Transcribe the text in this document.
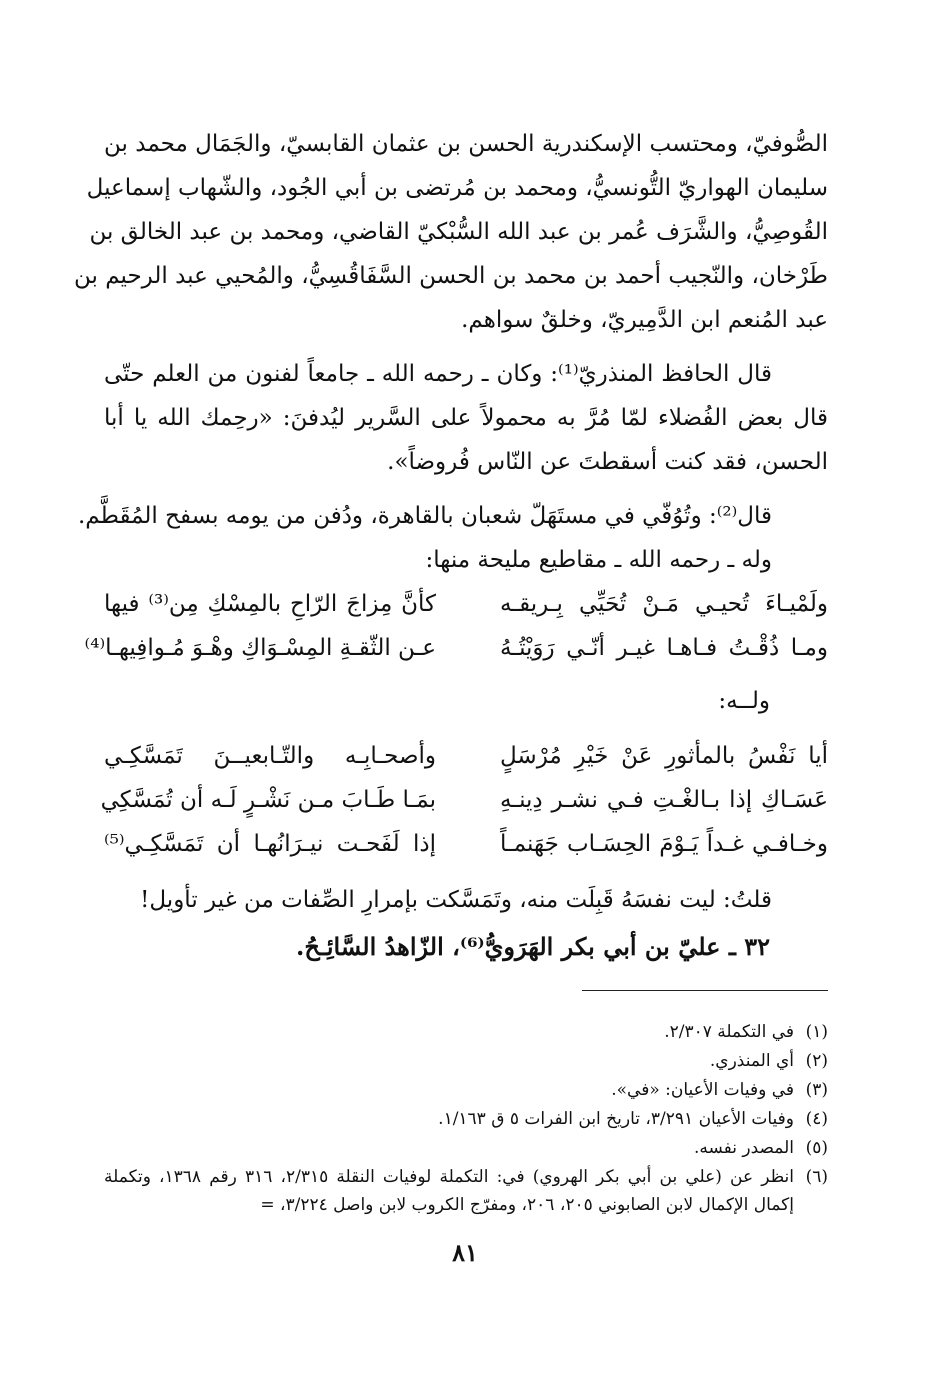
الصُّوفيّ، ومحتسب الإسكندرية الحسن بن عثمان القابسيّ، والجَمَال محمد بن
سليمان الهواريّ التُّونسيُّ، ومحمد بن مُرتضى بن أبي الجُود، والشّهاب إسماعيل
القُوصِيُّ، والشَّرَف عُمر بن عبد الله السُّبْكيّ القاضي، ومحمد بن عبد الخالق بن
طَرْخان، والنّجيب أحمد بن محمد بن الحسن السَّفَاقُسِيُّ، والمُحيي عبد الرحيم بن
عبد المُنعم ابن الدَّمِيريّ، وخلقٌ سواهم.
قال الحافظ المنذريّ⁽¹⁾: وكان ـ رحمه الله ـ جامعاً لفنون من العلم حتّى
قال بعض الفُضلاء لمّا مُرَّ به محمولاً على السَّرير ليُدفنَ: «رحِمك الله يا أبا
الحسن، فقد كنت أسقطتَ عن النّاس فُروضاً».
قال⁽²⁾: وتُوُفّي في مستَهَلّ شعبان بالقاهرة، ودُفن من يومه بسفح المُقَطَّم.
وله ـ رحمه الله ـ مقاطيع مليحة منها:
ولَمْيـاءَ تُحيـي مَـنْ تُحَيِّي بِـريقـه
كأنَّ مِزاجَ الرّاحِ بالمِسْكِ مِن⁽³⁾ فيها
ومـا ذُقْـتُ فـاهـا غيـر أنّـي رَوَيْتُـهُ
عـن الثّقـةِ المِسْـوَاكِ وهْـوَ مُـوافِيهـا⁽⁴⁾
ولــه:
أيا نَفْسُ بالمأثورِ عَنْ خَيْرِ مُرْسَلٍ
وأصحـابِـه والتّـابعيــنَ تَمَسَّكِـي
عَسَـاكِ إذا بـالغْـتِ فـي نشـر دِينـهِ
بمَـا طَـابَ مـن نَشْـرٍ لَـه أن تُمَسَّكِي
وخـافـي غـداً يَـوْمَ الحِسَـاب جَهَنمـاً
إذا لَفَحـت نيـرَانُهـا أن تَمَسَّكِـي⁽⁵⁾
قلتُ: ليت نفسَهُ قَبِلَت منه، وتَمَسَّكت بإمرارِ الصِّفات من غير تأويل!
٣٢ ـ عليّ بن أبي بكر الهَرَويُّ⁽⁶⁾، الزّاهدُ السَّائِـحُ.
(١)
في التكملة ٢/٣٠٧.
(٢)
أي المنذري.
(٣)
في وفيات الأعيان: «في».
(٤)
وفيات الأعيان ٣/٢٩١، تاريخ ابن الفرات ٥ ق ١/١٦٣.
(٥)
المصدر نفسه.
(٦)
انظر عن (علي بن أبي بكر الهروي) في: التكملة لوفيات النقلة ٢/٣١٥، ٣١٦ رقم ١٣٦٨، وتكملة إكمال الإكمال لابن الصابوني ٢٠٥، ٢٠٦، ومفرّج الكروب لابن واصل ٣/٢٢٤، =
٨١
